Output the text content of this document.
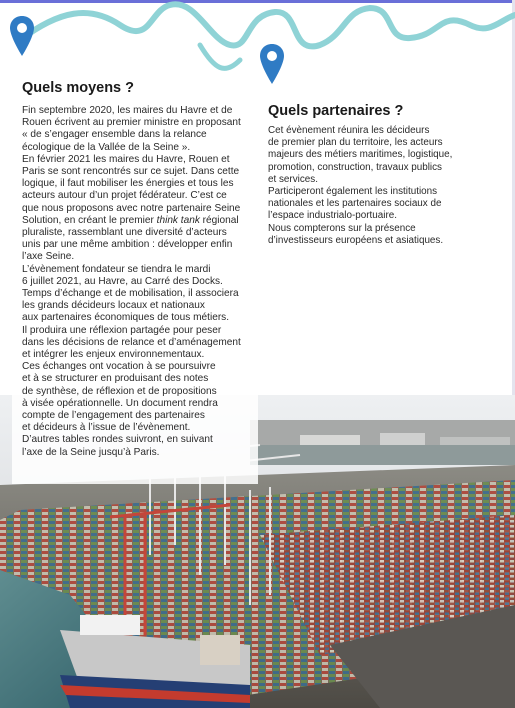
Quels moyens ?

Fin septembre 2020, les maires du Havre et de
Rouen écrivent au premier ministre en proposant
« de s’engager ensemble dans la relance
écologique de la Vallée de la Seine ».
En février 2021 les maires du Havre, Rouen et
Paris se sont rencontrés sur ce sujet. Dans cette
logique, il faut mobiliser les énergies et tous les
acteurs autour d’un projet fédérateur. C’est ce
que nous proposons avec notre partenaire Seine
Solution, en créant le premier think tank régional
pluraliste, rassemblant une diversité d’acteurs
unis par une même ambition : développer enfin
l’axe Seine.

L’évènement fondateur se tiendra le mardi
6 juillet 2021, au Havre, au Carré des Docks.
Temps d’échange et de mobilisation, il associera
les grands décideurs locaux et nationaux
aux partenaires économiques de tous métiers.
Il produira une réflexion partagée pour peser
dans les décisions de relance et d’aménagement
et intégrer les enjeux environnementaux.
Ces échanges ont vocation à se poursuivre
et à se structurer en produisant des notes
de synthèse, de réflexion et de propositions
à visée opérationnelle. Un document rendra
compte de l’engagement des partenaires
et décideurs à l’issue de l’évènement.
D’autres tables rondes suivront, en suivant
l’axe de la Seine jusqu’à Paris.

Quels partenaires ?

Cet évènement réunira les décideurs
de premier plan du territoire, les acteurs
majeurs des métiers maritimes, logistique,
promotion, construction, travaux publics
et services.

Participeront également les institutions
nationales et les partenaires sociaux de
l’espace industrialo-portuaire.

Nous compterons sur la présence
d’investisseurs européens et asiatiques.
